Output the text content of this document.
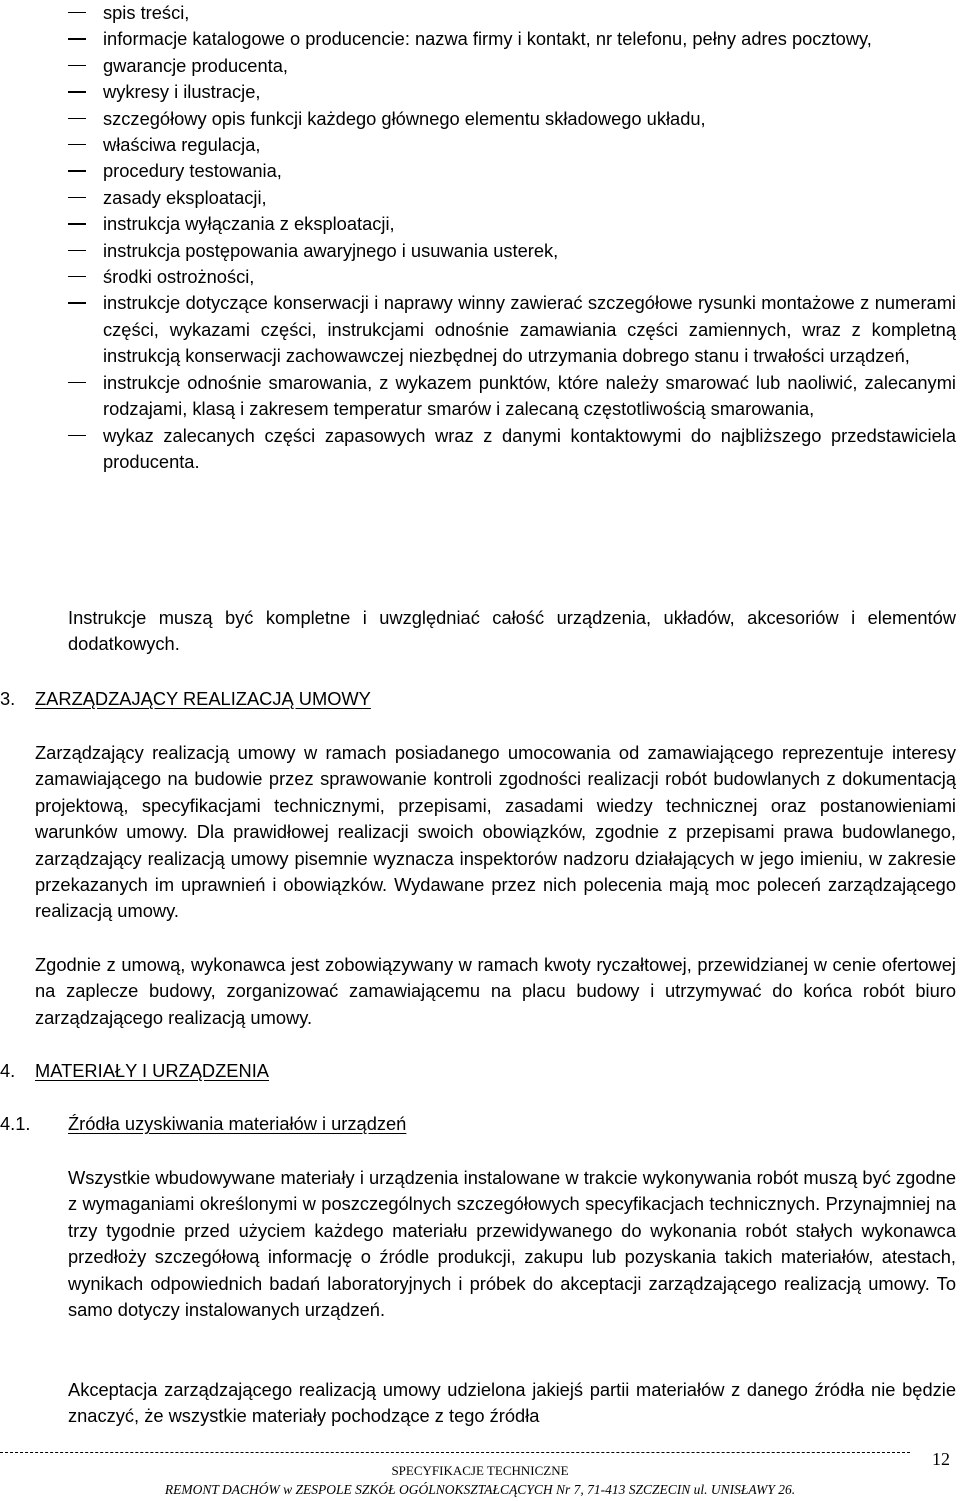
spis treści,
informacje katalogowe o producencie: nazwa firmy i kontakt, nr telefonu, pełny adres pocztowy,
gwarancje producenta,
wykresy i ilustracje,
szczegółowy opis funkcji każdego głównego elementu składowego układu,
właściwa regulacja,
procedury testowania,
zasady eksploatacji,
instrukcja wyłączania z eksploatacji,
instrukcja postępowania awaryjnego i usuwania usterek,
środki ostrożności,
instrukcje dotyczące konserwacji i naprawy winny zawierać szczegółowe rysunki montażowe z numerami części, wykazami części, instrukcjami odnośnie zamawiania części zamiennych, wraz z kompletną instrukcją konserwacji zachowawczej niezbędnej do utrzymania dobrego stanu i trwałości urządzeń,
instrukcje odnośnie smarowania, z wykazem punktów, które należy smarować lub naoliwić, zalecanymi rodzajami, klasą i zakresem temperatur smarów i zalecaną częstotliwością smarowania,
wykaz zalecanych części zapasowych wraz z danymi kontaktowymi do najbliższego przedstawiciela producenta.
Instrukcje muszą być kompletne i uwzględniać całość urządzenia, układów, akcesoriów i elementów dodatkowych.
3. ZARZĄDZAJĄCY REALIZACJĄ UMOWY
Zarządzający realizacją umowy w ramach posiadanego umocowania od zamawiającego reprezentuje interesy zamawiającego na budowie przez sprawowanie kontroli zgodności realizacji robót budowlanych z dokumentacją projektową, specyfikacjami technicznymi, przepisami, zasadami wiedzy technicznej oraz postanowieniami warunków umowy. Dla prawidłowej realizacji swoich obowiązków, zgodnie z przepisami prawa budowlanego, zarządzający realizacją umowy pisemnie wyznacza inspektorów nadzoru działających w jego imieniu, w zakresie przekazanych im uprawnień i obowiązków. Wydawane przez nich polecenia mają moc poleceń zarządzającego realizacją umowy.
Zgodnie z umową, wykonawca jest zobowiązywany w ramach kwoty ryczałtowej, przewidzianej w cenie ofertowej na zaplecze budowy, zorganizować zamawiającemu na placu budowy i utrzymywać do końca robót biuro zarządzającego realizacją umowy.
4. MATERIAŁY I URZĄDZENIA
4.1. Źródła uzyskiwania materiałów i urządzeń
Wszystkie wbudowywane materiały i urządzenia instalowane w trakcie wykonywania robót muszą być zgodne z wymaganiami określonymi w poszczególnych szczegółowych specyfikacjach technicznych. Przynajmniej na trzy tygodnie przed użyciem każdego materiału przewidywanego do wykonania robót stałych wykonawca przedłoży szczegółową informację o źródle produkcji, zakupu lub pozyskania takich materiałów, atestach, wynikach odpowiednich badań laboratoryjnych i próbek do akceptacji zarządzającego realizacją umowy. To samo dotyczy instalowanych urządzeń.
Akceptacja zarządzającego realizacją umowy udzielona jakiejś partii materiałów z danego źródła nie będzie znaczyć, że wszystkie materiały pochodzące z tego źródła
12
SPECYFIKACJE TECHNICZNE
REMONT DACHÓW w ZESPOLE SZKÓŁ OGÓLNOKSZTAŁCĄCYCH Nr 7, 71-413 SZCZECIN ul. UNISŁAWY 26.
